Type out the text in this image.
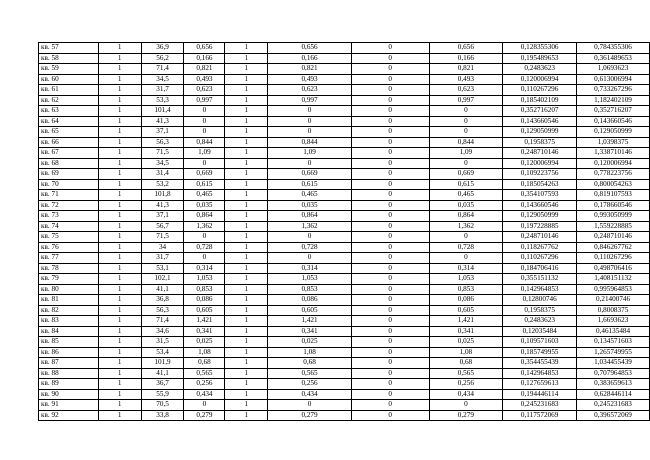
кв. 57	1	36,9	0,656	1	0,656	0	0,656	0,128355306	0,784355306
кв. 58	1	56,2	0,166	1	0,166	0	0,166	0,195489653	0,361489653
кв. 59	1	71,4	0,821	1	0,821	0	0,821	0,2483623	1,0693623
кв. 60	1	34,5	0,493	1	0,493	0	0,493	0,120006994	0,613006994
кв. 61	1	31,7	0,623	1	0,623	0	0,623	0,110267296	0,733267296
кв. 62	1	53,3	0,997	1	0,997	0	0,997	0,185402109	1,182402109
кв. 63	1	101,4	0	1	0	0	0	0,352716207	0,352716207
кв. 64	1	41,3	0	1	0	0	0	0,143660546	0,143660546
кв. 65	1	37,1	0	1	0	0	0	0,129050999	0,129050999
кв. 66	1	56,3	0,844	1	0,844	0	0,844	0,1958375	1,0398375
кв. 67	1	71,5	1,09	1	1,09	0	1,09	0,248710146	1,338710146
кв. 68	1	34,5	0	1	0	0	0	0,120006994	0,120006994
кв. 69	1	31,4	0,669	1	0,669	0	0,669	0,109223756	0,778223756
кв. 70	1	53,2	0,615	1	0,615	0	0,615	0,185054263	0,800054263
кв. 71	1	101,8	0,465	1	0,465	0	0,465	0,354107593	0,819107593
кв. 72	1	41,3	0,035	1	0,035	0	0,035	0,143660546	0,178660546
кв. 73	1	37,1	0,864	1	0,864	0	0,864	0,129050999	0,993050999
кв. 74	1	56,7	1,362	1	1,362	0	1,362	0,197228885	1,559228885
кв. 75	1	71,5	0	1	0	0	0	0,248710146	0,248710146
кв. 76	1	34	0,728	1	0,728	0	0,728	0,118267762	0,846267762
кв. 77	1	31,7	0	1	0	0	0	0,110267296	0,110267296
кв. 78	1	53,1	0,314	1	0,314	0	0,314	0,184706416	0,498706416
кв. 79	1	102,1	1,053	1	1,053	0	1,053	0,355151132	1,408151132
кв. 80	1	41,1	0,853	1	0,853	0	0,853	0,142964853	0,995964853
кв. 81	1	36,8	0,086	1	0,086	0	0,086	0,12800746	0,21400746
кв. 82	1	56,3	0,605	1	0,605	0	0,605	0,1958375	0,8008375
кв. 83	1	71,4	1,421	1	1,421	0	1,421	0,2483623	1,6693623
кв. 84	1	34,6	0,341	1	0,341	0	0,341	0,12035484	0,46135484
кв. 85	1	31,5	0,025	1	0,025	0	0,025	0,109571603	0,134571603
кв. 86	1	53,4	1,08	1	1,08	0	1,08	0,185749955	1,265749955
кв. 87	1	101,9	0,68	1	0,68	0	0,68	0,354455439	1,034455439
кв. 88	1	41,1	0,565	1	0,565	0	0,565	0,142964853	0,707964853
кв. 89	1	36,7	0,256	1	0,256	0	0,256	0,127659613	0,383659613
кв. 90	1	55,9	0,434	1	0,434	0	0,434	0,194446114	0,628446114
кв. 91	1	70,5	0	1	0	0	0	0,245231683	0,245231683
кв. 92	1	33,8	0,279	1	0,279	0	0,279	0,117572069	0,396572069
